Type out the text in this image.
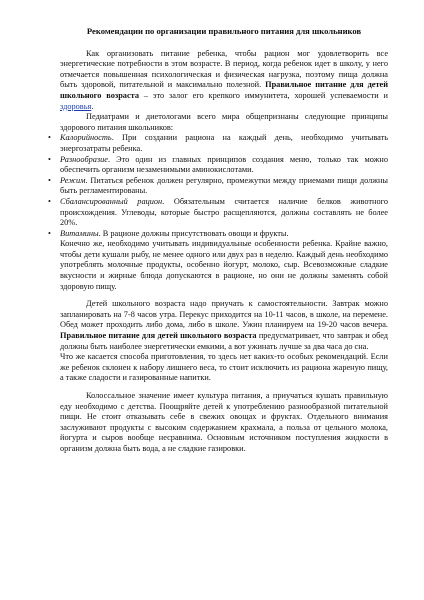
Рекомендации по организации правильного питания для школьников

Как организовать питание ребенка, чтобы рацион мог удовлетворить все энергетические потребности в этом возрасте. В период, когда ребенок идет в школу, у него отмечается повышенная психологическая и физическая нагрузка, поэтому пища должна быть здоровой, питательной и максимально полезной. Правильное питание для детей школьного возраста – это залог его крепкого иммунитета, хорошей успеваемости и здоровья.

Педиатрами и диетологами всего мира общепризнаны следующие принципы здорового питания школьников:

• Калорийность. При создании рациона на каждый день, необходимо учитывать энергозатраты ребенка.
• Разнообразие. Это один из главных принципов создания меню, только так можно обеспечить организм незаменимыми аминокислотами.
• Режим. Питаться ребенок должен регулярно, промежутки между приемами пищи должны быть регламентированы.
• Сбалансированный рацион. Обязательным считается наличие белков животного происхождения. Углеводы, которые быстро расщепляются, должны составлять не более 20%.
• Витамины. В рационе должны присутствовать овощи и фрукты.

Конечно же, необходимо учитывать индивидуальные особенности ребенка. Крайне важно, чтобы дети кушали рыбу, не менее одного или двух раз в неделю. Каждый день необходимо употреблять молочные продукты, особенно йогурт, молоко, сыр. Всевозможные сладкие вкусности и жирные блюда допускаются в рационе, но они не должны заменять собой здоровую пищу.

Детей школьного возраста надо приучать к самостоятельности. Завтрак можно запланировать на 7-8 часов утра. Перекус приходится на 10-11 часов, в школе, на перемене. Обед может проходить либо дома, либо в школе. Ужин планируем на 19-20 часов вечера. Правильное питание для детей школьного возраста предусматривает, что завтрак и обед должны быть наиболее энергетически емкими, а вот ужинать лучше за два часа до сна.

Что же касается способа приготовления, то здесь нет каких-то особых рекомендаций. Если же ребенок склонен к набору лишнего веса, то стоит исключить из рациона жареную пищу, а также сладости и газированные напитки.

Колоссальное значение имеет культура питания, а приучаться кушать правильную еду необходимо с детства. Поощряйте детей к употреблению разнообразной питательной пищи. Не стоит отказывать себе в свежих овощах и фруктах. Отдельного внимания заслуживают продукты с высоким содержанием крахмала, а польза от цельного молока, йогурта и сыров вообще несравнима. Основным источником поступления жидкости в организм должна быть вода, а не сладкие газировки.
